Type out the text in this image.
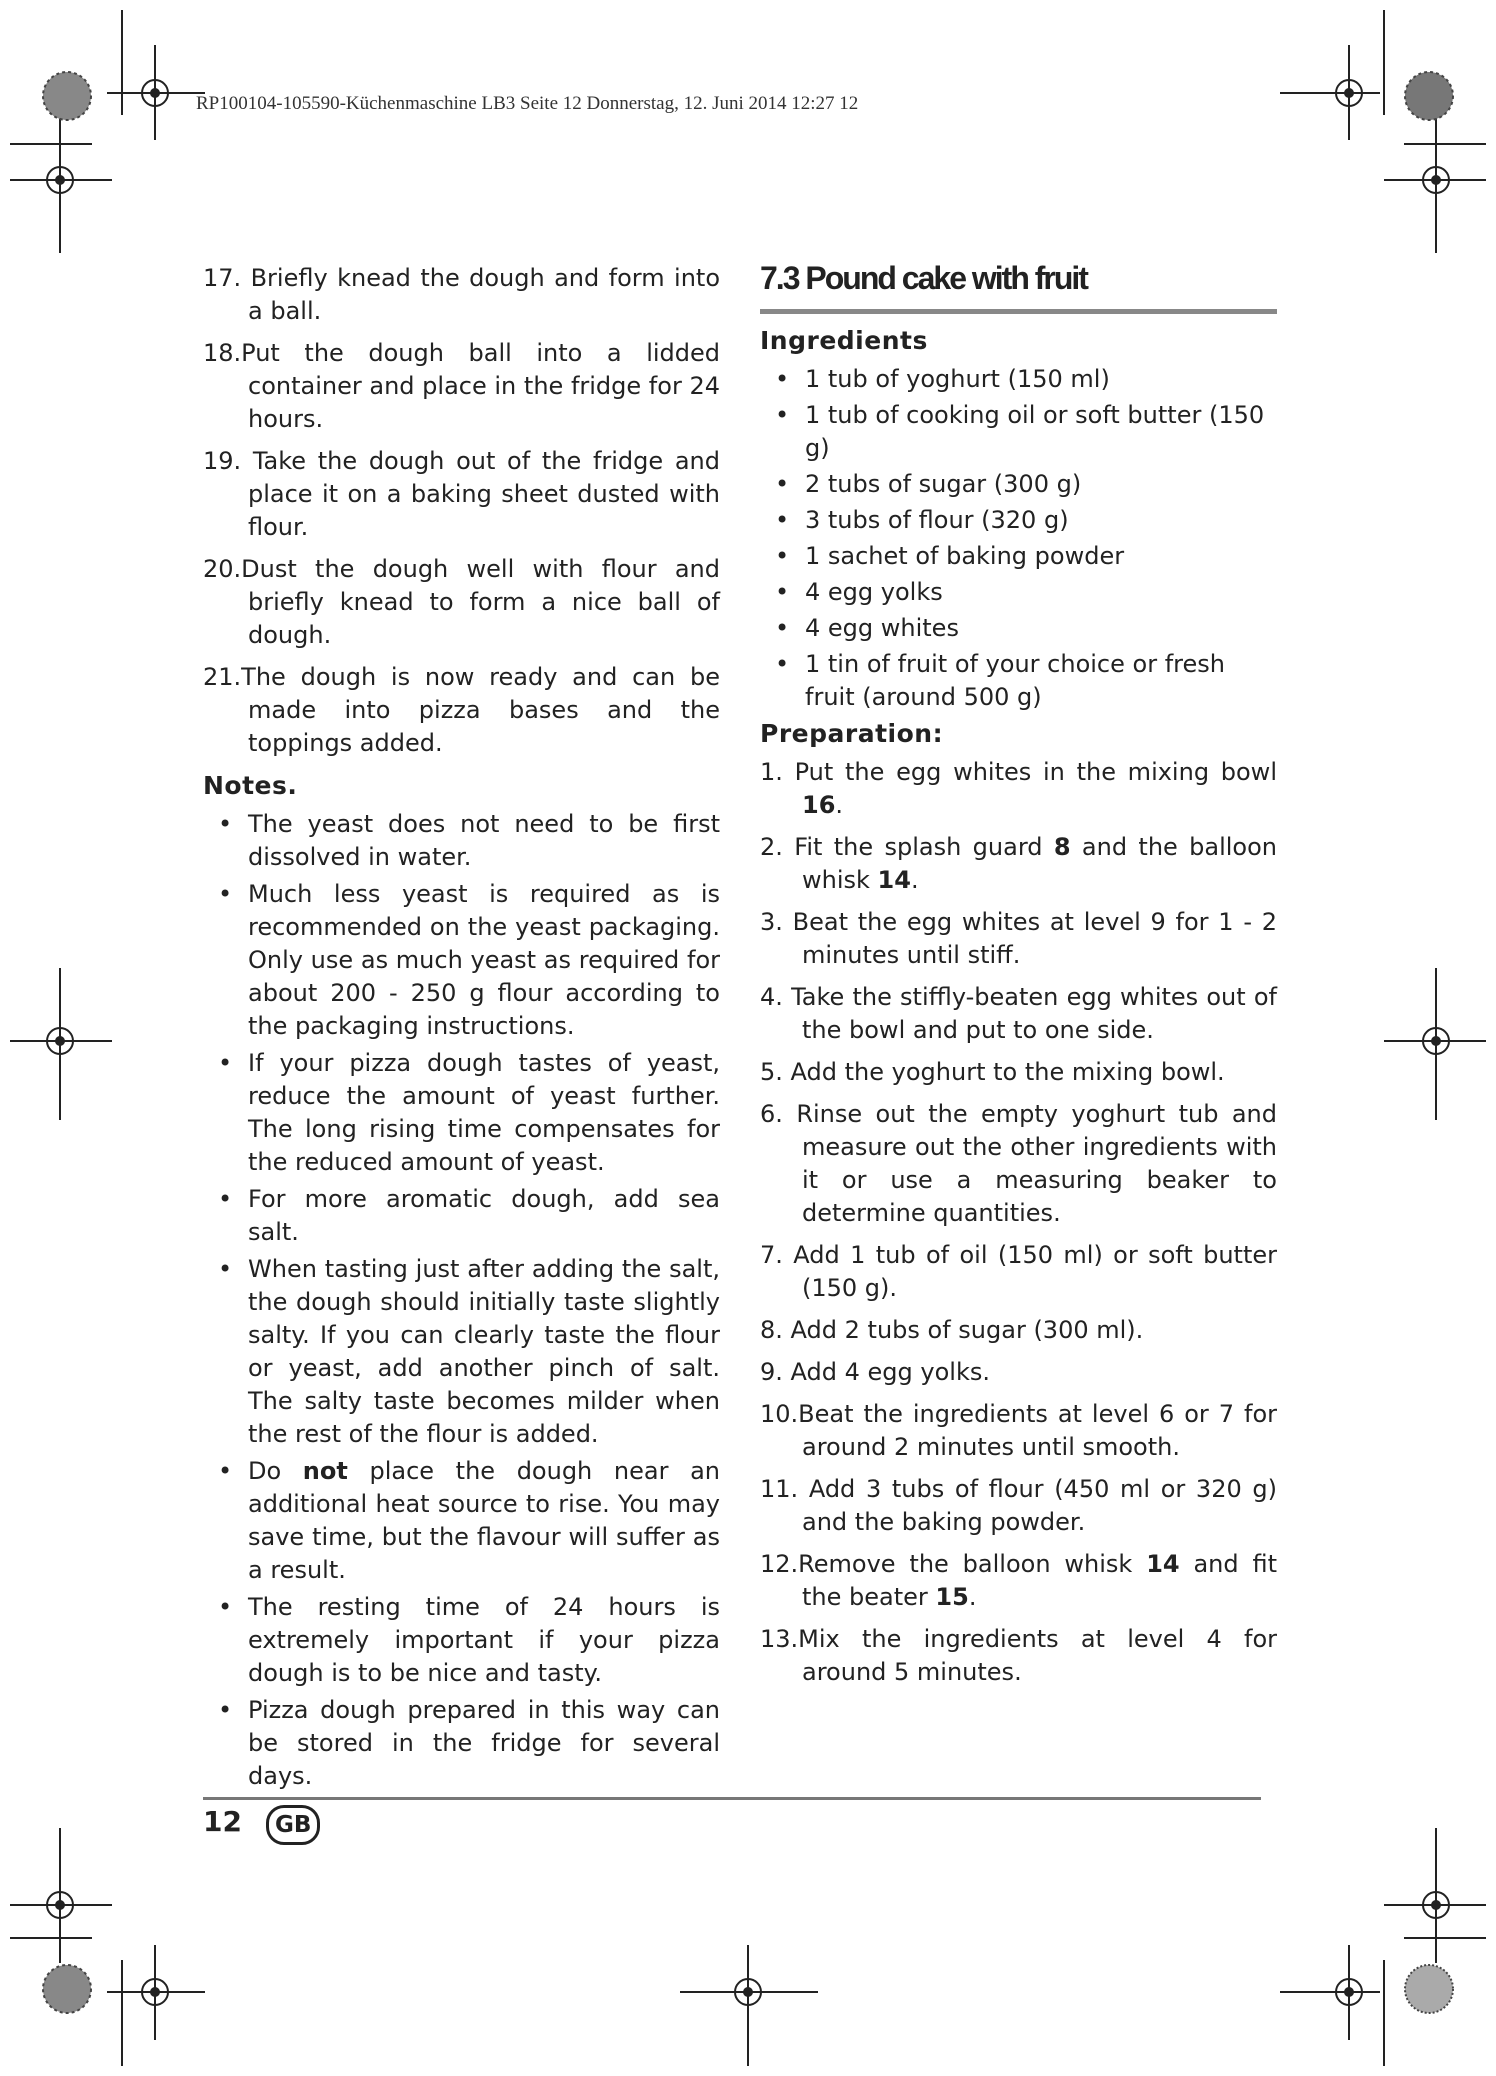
RP100104-105590-Küchenmaschine LB3 Seite 12 Donnerstag, 12. Juni 2014 12:27 12

17. Briefly knead the dough and form into a ball.

18.Put the dough ball into a lidded container and place in the fridge for 24 hours.

19. Take the dough out of the fridge and place it on a baking sheet dusted with flour.

20.Dust the dough well with flour and briefly knead to form a nice ball of dough.

21.The dough is now ready and can be made into pizza bases and the toppings added.

Notes.

• The yeast does not need to be first dissolved in water.

• Much less yeast is required as is recommended on the yeast packaging. Only use as much yeast as required for about 200 - 250 g flour according to the packaging instructions.

• If your pizza dough tastes of yeast, reduce the amount of yeast further. The long rising time compensates for the reduced amount of yeast.

• For more aromatic dough, add sea salt.

• When tasting just after adding the salt, the dough should initially taste slightly salty. If you can clearly taste the flour or yeast, add another pinch of salt. The salty taste becomes milder when the rest of the flour is added.

• Do not place the dough near an additional heat source to rise. You may save time, but the flavour will suffer as a result.

• The resting time of 24 hours is extremely important if your pizza dough is to be nice and tasty.

• Pizza dough prepared in this way can be stored in the fridge for several days.

7.3 Pound cake with fruit
Ingredients

• 1 tub of yoghurt (150 ml)

• 1 tub of cooking oil or soft butter (150 g)

• 2 tubs of sugar (300 g)

• 3 tubs of flour (320 g)

• 1 sachet of baking powder

• 4 egg yolks

• 4 egg whites

• 1 tin of fruit of your choice or fresh fruit (around 500 g)

Preparation:

1. Put the egg whites in the mixing bowl 16.

2. Fit the splash guard 8 and the balloon whisk 14.

3. Beat the egg whites at level 9 for 1 - 2 minutes until stiff.

4. Take the stiffly-beaten egg whites out of the bowl and put to one side.

5. Add the yoghurt to the mixing bowl.

6. Rinse out the empty yoghurt tub and measure out the other ingredients with it or use a measuring beaker to determine quantities.

7. Add 1 tub of oil (150 ml) or soft butter (150 g).

8. Add 2 tubs of sugar (300 ml).

9. Add 4 egg yolks.

10.Beat the ingredients at level 6 or 7 for around 2 minutes until smooth.

11. Add 3 tubs of flour (450 ml or 320 g) and the baking powder.

12.Remove the balloon whisk 14 and fit the beater 15.

13.Mix the ingredients at level 4 for around 5 minutes.

12	GB
